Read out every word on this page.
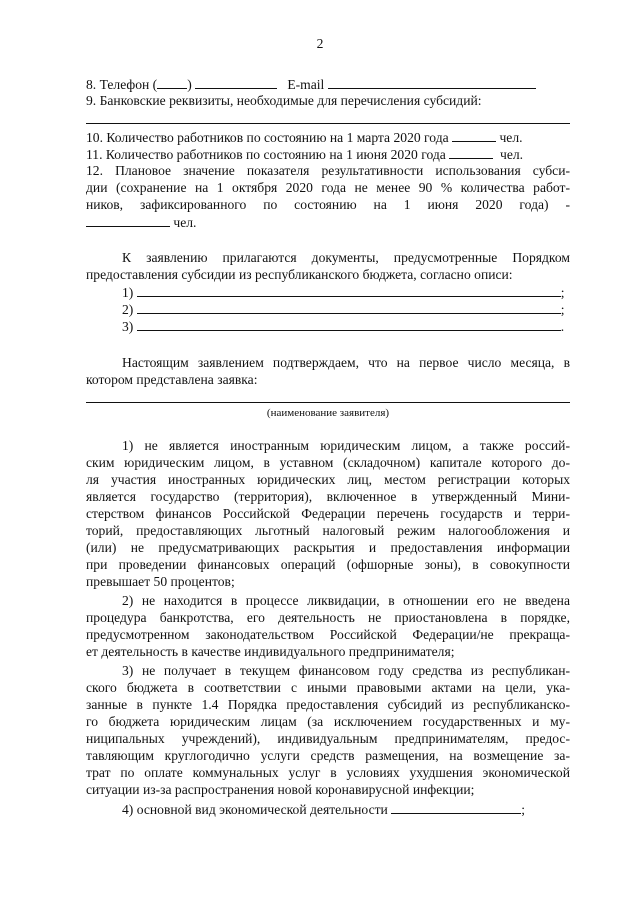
2
8. Телефон ( )	E-mail
9. Банковские реквизиты, необходимые для перечисления субсидий:
10. Количество работников по состоянию на 1 марта 2020 года	чел.
11. Количество работников по состоянию на 1 июня 2020 года	чел.
12. Плановое значение показателя результативности использования субси-
дии (сохранение на 1 октября 2020 года не менее 90 % количества работ-
ников, зафиксированного по состоянию на 1 июня 2020 года) -
чел.
К заявлению прилагаются документы, предусмотренные Порядком
предоставления субсидии из республиканского бюджета, согласно описи:
1)	;
2)	;
3)	.
Настоящим заявлением подтверждаем, что на первое число месяца, в
котором представлена заявка:
(наименование заявителя)
1) не является иностранным юридическим лицом, а также россий-
ским юридическим лицом, в уставном (складочном) капитале которого до-
ля участия иностранных юридических лиц, местом регистрации которых
является государство (территория), включенное в утвержденный Мини-
стерством финансов Российской Федерации перечень государств и терри-
торий, предоставляющих льготный налоговый режим налогообложения и
(или) не предусматривающих раскрытия и предоставления информации
при проведении финансовых операций (офшорные зоны), в совокупности
превышает 50 процентов;
2) не находится в процессе ликвидации, в отношении его не введена
процедура банкротства, его деятельность не приостановлена в порядке,
предусмотренном законодательством Российской Федерации/не прекраща-
ет деятельность в качестве индивидуального предпринимателя;
3) не получает в текущем финансовом году средства из республикан-
ского бюджета в соответствии с иными правовыми актами на цели, ука-
занные в пункте 1.4 Порядка предоставления субсидий из республиканско-
го бюджета юридическим лицам (за исключением государственных и му-
ниципальных учреждений), индивидуальным предпринимателям, предос-
тавляющим круглогодично услуги средств размещения, на возмещение за-
трат по оплате коммунальных услуг в условиях ухудшения экономической
ситуации из-за распространения новой коронавирусной инфекции;
4) основной вид экономической деятельности	;
